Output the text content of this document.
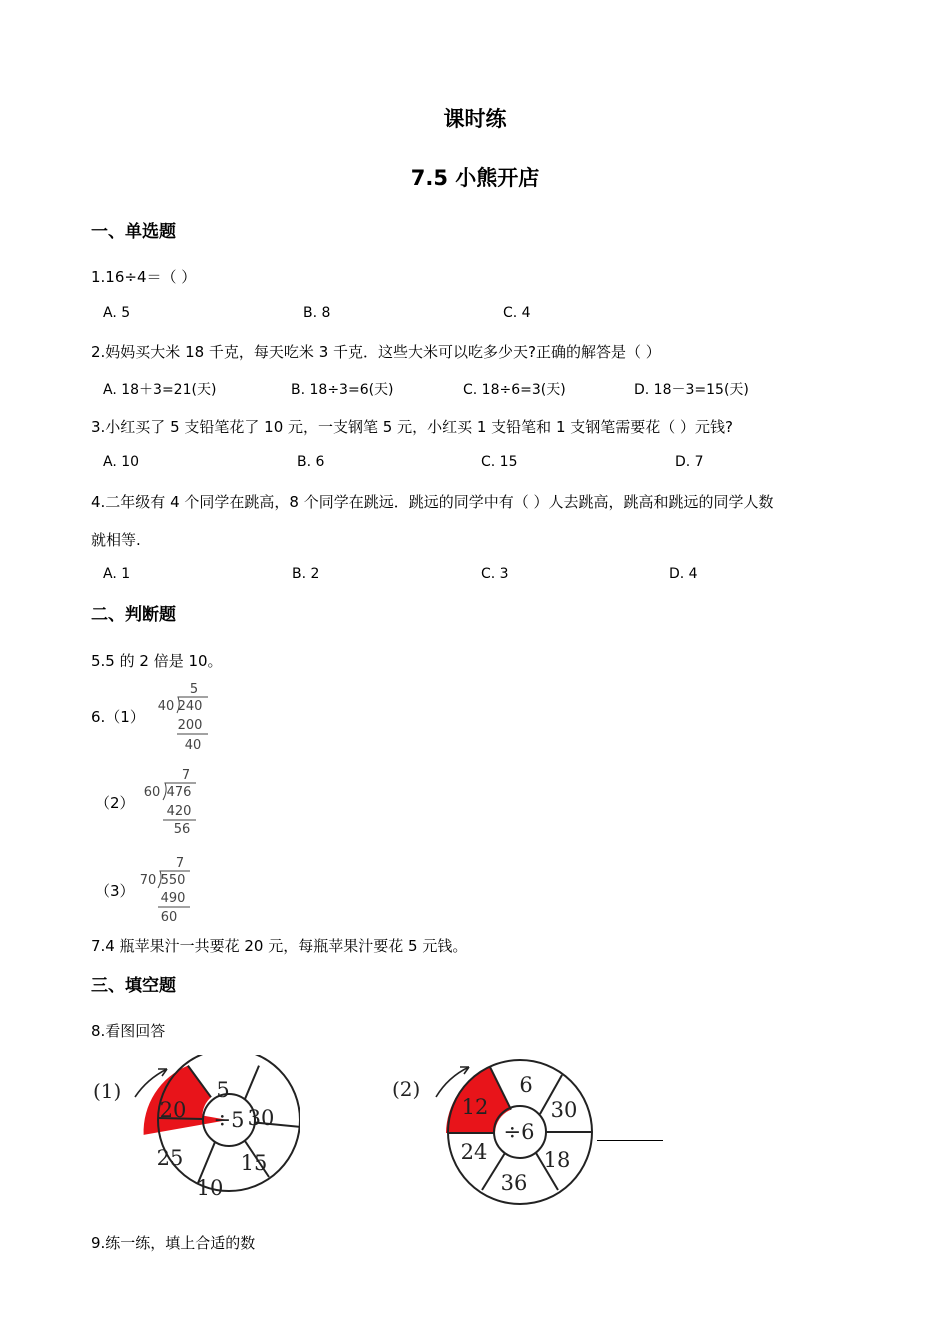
课时练
7.5 小熊开店
一、单选题
1.16÷4＝（ ）
A. 5	B. 8	C. 4
2.妈妈买大米 18 千克，每天吃米 3 千克．这些大米可以吃多少天?正确的解答是（ ）
A. 18＋3=21(天)	B. 18÷3=6(天)	C. 18÷6=3(天)	D. 18－3=15(天)
3.小红买了 5 支铅笔花了 10 元，一支钢笔 5 元，小红买 1 支铅笔和 1 支钢笔需要花（ ）元钱?
A. 10	B. 6	C. 15	D. 7
4.二年级有 4 个同学在跳高，8 个同学在跳远．跳远的同学中有（ ）人去跳高，跳高和跳远的同学人数
就相等.
A. 1	B. 2	C. 3	D. 4
二、判断题
5.5 的 2 倍是 10。
6.（1）
5
40 240
200
40
（2）
7
60 476
420
56
（3）
7
70 550
490
60
7.4 瓶苹果汁一共要花 20 元，每瓶苹果汁要花 5 元钱。
三、填空题
8.看图回答
(1)
÷5
20
5
30
15
10
25
(2)
÷6
12
6
30
18
36
24
9.练一练，填上合适的数
